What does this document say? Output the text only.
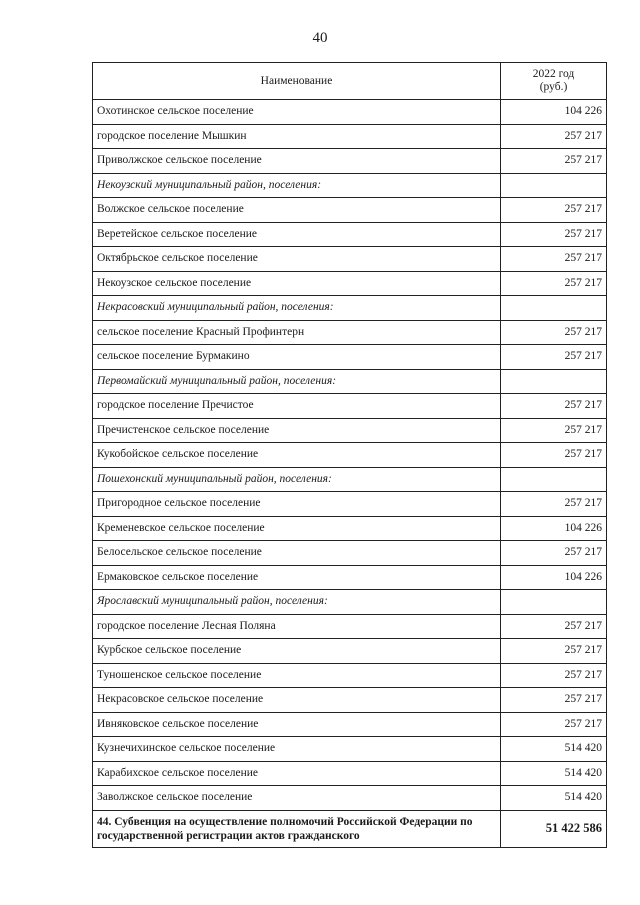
40
Наименование	2022 год
(руб.)
Охотинское сельское поселение	104 226
городское поселение Мышкин	257 217
Приволжское сельское поселение	257 217
Некоузский муниципальный район, поселения:	
Волжское сельское поселение	257 217
Веретейское сельское поселение	257 217
Октябрьское сельское поселение	257 217
Некоузское сельское поселение	257 217
Некрасовский муниципальный район, поселения:	
сельское поселение Красный Профинтерн	257 217
сельское поселение Бурмакино	257 217
Первомайский муниципальный район, поселения:	
городское поселение Пречистое	257 217
Пречистенское сельское поселение	257 217
Кукобойское сельское поселение	257 217
Пошехонский муниципальный район, поселения:	
Пригородное сельское поселение	257 217
Кременевское сельское поселение	104 226
Белосельское сельское поселение	257 217
Ермаковское сельское поселение	104 226
Ярославский муниципальный район, поселения:	
городское поселение Лесная Поляна	257 217
Курбское сельское поселение	257 217
Туношенское сельское поселение	257 217
Некрасовское сельское поселение	257 217
Ивняковское сельское поселение	257 217
Кузнечихинское сельское поселение	514 420
Карабихское сельское поселение	514 420
Заволжское сельское поселение	514 420
44. Субвенция на осуществление полномочий Российской Федерации по государственной регистрации актов гражданского	51 422 586
